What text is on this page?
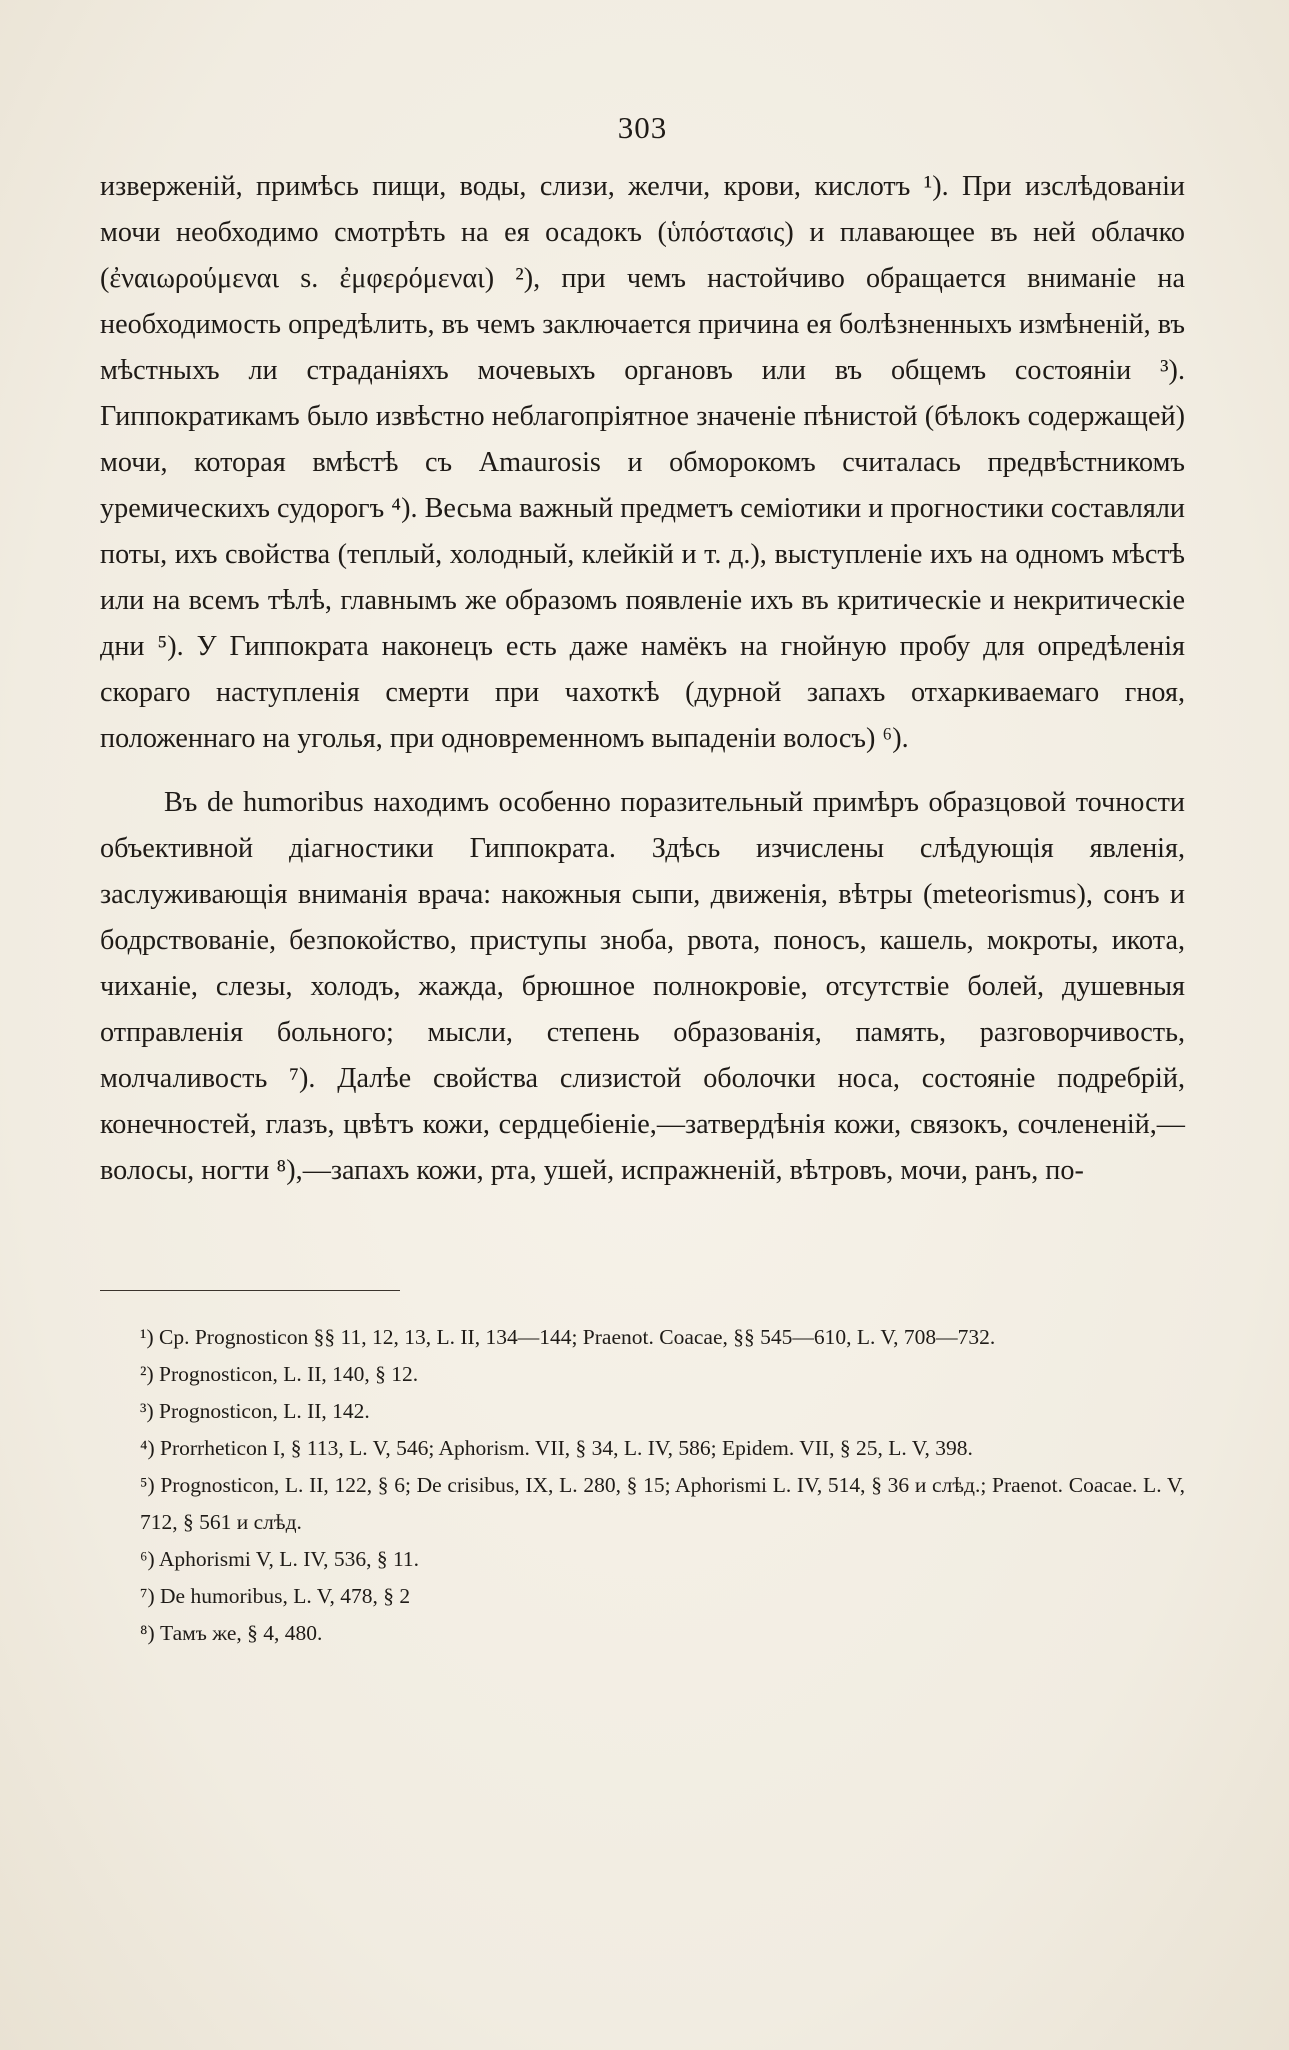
303

изверженій, примѣсь пищи, воды, слизи, желчи, крови, кислотъ ¹). При изслѣдованіи мочи необходимо смотрѣть на ея осадокъ (ὑπόστασις) и плавающее въ ней облачко (ἐναιωρούμεναι s. ἐμφερόμεναι) ²), при чемъ настойчиво обращается вниманіе на необходимость опредѣлить, въ чемъ заключается причина ея болѣзненныхъ измѣненій, въ мѣстныхъ ли страданіяхъ мочевыхъ органовъ или въ общемъ состояніи ³). Гиппократикамъ было извѣстно неблагопріятное значеніе пѣнистой (бѣлокъ содержащей) мочи, которая вмѣстѣ съ Amaurosis и обморокомъ считалась предвѣстникомъ уремическихъ судорогъ ⁴). Весьма важный предметъ семіотики и прогностики составляли поты, ихъ свойства (теплый, холодный, клейкій и т. д.), выступленіе ихъ на одномъ мѣстѣ или на всемъ тѣлѣ, главнымъ же образомъ появленіе ихъ въ критическіе и некритическіе дни ⁵). У Гиппократа наконецъ есть даже намёкъ на гнойную пробу для опредѣленія скораго наступленія смерти при чахоткѣ (дурной запахъ отхаркиваемаго гноя, положеннаго на уголья, при одновременномъ выпаденіи волосъ) ⁶).

Въ de humoribus находимъ особенно поразительный примѣръ образцовой точности объективной діагностики Гиппократа. Здѣсь изчислены слѣдующія явленія, заслуживающія вниманія врача: накожныя сыпи, движенія, вѣтры (meteorismus), сонъ и бодрствованіе, безпокойство, приступы зноба, рвота, поносъ, кашель, мокроты, икота, чиханіе, слезы, холодъ, жажда, брюшное полнокровіе, отсутствіе болей, душевныя отправленія больного; мысли, степень образованія, память, разговорчивость, молчаливость ⁷). Далѣе свойства слизистой оболочки носа, состояніе подребрій, конечностей, глазъ, цвѣтъ кожи, сердцебіеніе,—затвердѣнія кожи, связокъ, сочлененій,—волосы, ногти ⁸),—запахъ кожи, рта, ушей, испражненій, вѣтровъ, мочи, ранъ, по-

¹) Cp. Prognosticon §§ 11, 12, 13, L. II, 134—144; Praenot. Coacae, §§ 545—610, L. V, 708—732.

²) Prognosticon, L. II, 140, § 12.

³) Prognosticon, L. II, 142.

⁴) Prorrheticon I, § 113, L. V, 546; Aphorism. VII, § 34, L. IV, 586; Epidem. VII, § 25, L. V, 398.

⁵) Prognosticon, L. II, 122, § 6; De crisibus, IX, L. 280, § 15; Aphorismi L. IV, 514, § 36 и слѣд.; Praenot. Coacae. L. V, 712, § 561 и слѣд.

⁶) Aphorismi V, L. IV, 536, § 11.

⁷) De humoribus, L. V, 478, § 2

⁸) Тамъ же, § 4, 480.
